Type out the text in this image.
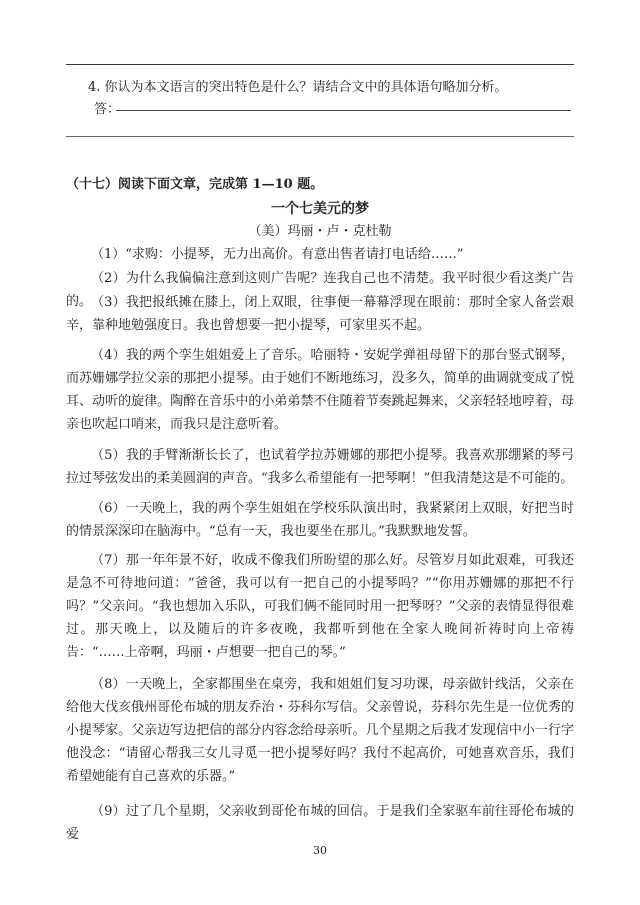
4. 你认为本文语言的突出特色是什么？请结合文中的具体语句略加分析。
答：
（十七）阅读下面文章，完成第 1—10 题。
一个七美元的梦
（美）玛丽・卢・克杜勒
（1）“求购：小提琴，无力出高价。有意出售者请打电话给……”
（2）为什么我偏偏注意到这则广告呢？连我自己也不清楚。我平时很少看这类广告的。
（3）我把报纸摊在膝上，闭上双眼，往事便一幕幕浮现在眼前：那时全家人备尝艰辛，靠种地勉强度日。我也曾想要一把小提琴，可家里买不起。
（4）我的两个孪生姐姐爱上了音乐。哈丽特・安妮学弹祖母留下的那台竖式钢琴，而苏姗娜学拉父亲的那把小提琴。由于她们不断地练习，没多久，简单的曲调就变成了悦耳、动听的旋律。陶醉在音乐中的小弟弟禁不住随着节奏跳起舞来，父亲轻轻地哼着，母亲也吹起口哨来，而我只是注意听着。
（5）我的手臂渐渐长长了，也试着学拉苏姗娜的那把小提琴。我喜欢那绷紧的琴弓拉过琴弦发出的柔美圆润的声音。“我多么希望能有一把琴啊！”但我清楚这是不可能的。
（6）一天晚上，我的两个孪生姐姐在学校乐队演出时，我紧紧闭上双眼，好把当时的情景深深印在脑海中。“总有一天，我也要坐在那儿。”我默默地发誓。
（7）那一年年景不好，收成不像我们所盼望的那么好。尽管岁月如此艰难，可我还是急不可待地问道：“爸爸，我可以有一把自己的小提琴吗？”“你用苏姗娜的那把不行吗？”父亲问。“我也想加入乐队，可我们俩不能同时用一把琴呀？”父亲的表情显得很难过。那天晚上，以及随后的许多夜晚，我都听到他在全家人晚间祈祷时向上帝祷告：“……上帝啊，玛丽・卢想要一把自己的琴。”
（8）一天晚上，全家都围坐在桌旁，我和姐姐们复习功课，母亲做针线活，父亲在给他大伐亥俄州哥伦布城的朋友乔治・芬科尔写信。父亲曾说，芬科尔先生是一位优秀的小提琴家。父亲边写边把信的部分内容念给母亲听。几个星期之后我才发现信中小一行字他没念：“请留心帮我三女儿寻觅一把小提琴好吗？我付不起高价，可她喜欢音乐，我们希望她能有自己喜欢的乐器。”
（9）过了几个星期，父亲收到哥伦布城的回信。于是我们全家驱车前往哥伦布城的爱
30
